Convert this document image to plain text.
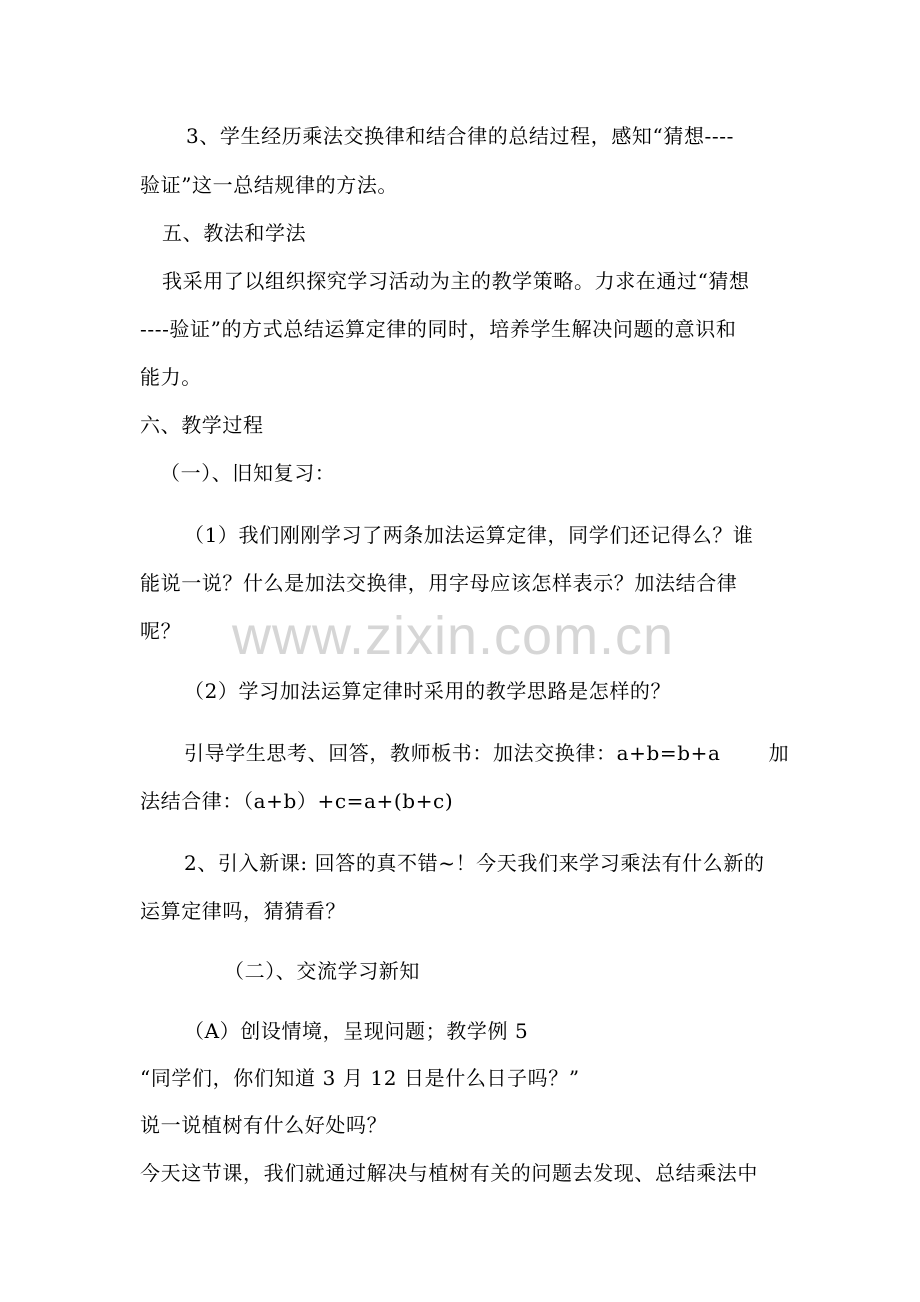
3、学生经历乘法交换律和结合律的总结过程，感知“猜想----
验证”这一总结规律的方法。
五、教法和学法
我采用了以组织探究学习活动为主的教学策略。力求在通过“猜想
----验证”的方式总结运算定律的同时，培养学生解决问题的意识和
能力。
六、教学过程
（一）、旧知复习：
（1）我们刚刚学习了两条加法运算定律，同学们还记得么？谁
能说一说？什么是加法交换律，用字母应该怎样表示？加法结合律
呢？ www.zixin.com.cn
（2）学习加法运算定律时采用的教学思路是怎样的？
引导学生思考、回答，教师板书：加法交换律：a+b=b+a　　 加
法结合律：（a+b）+c=a+(b+c)
2、引入新课: 回答的真不错~！今天我们来学习乘法有什么新的
运算定律吗，猜猜看？
（二）、交流学习新知
（A）创设情境，呈现问题；教学例 5
“同学们，你们知道 3 月 12 日是什么日子吗？”
说一说植树有什么好处吗？
今天这节课，我们就通过解决与植树有关的问题去发现、总结乘法中
